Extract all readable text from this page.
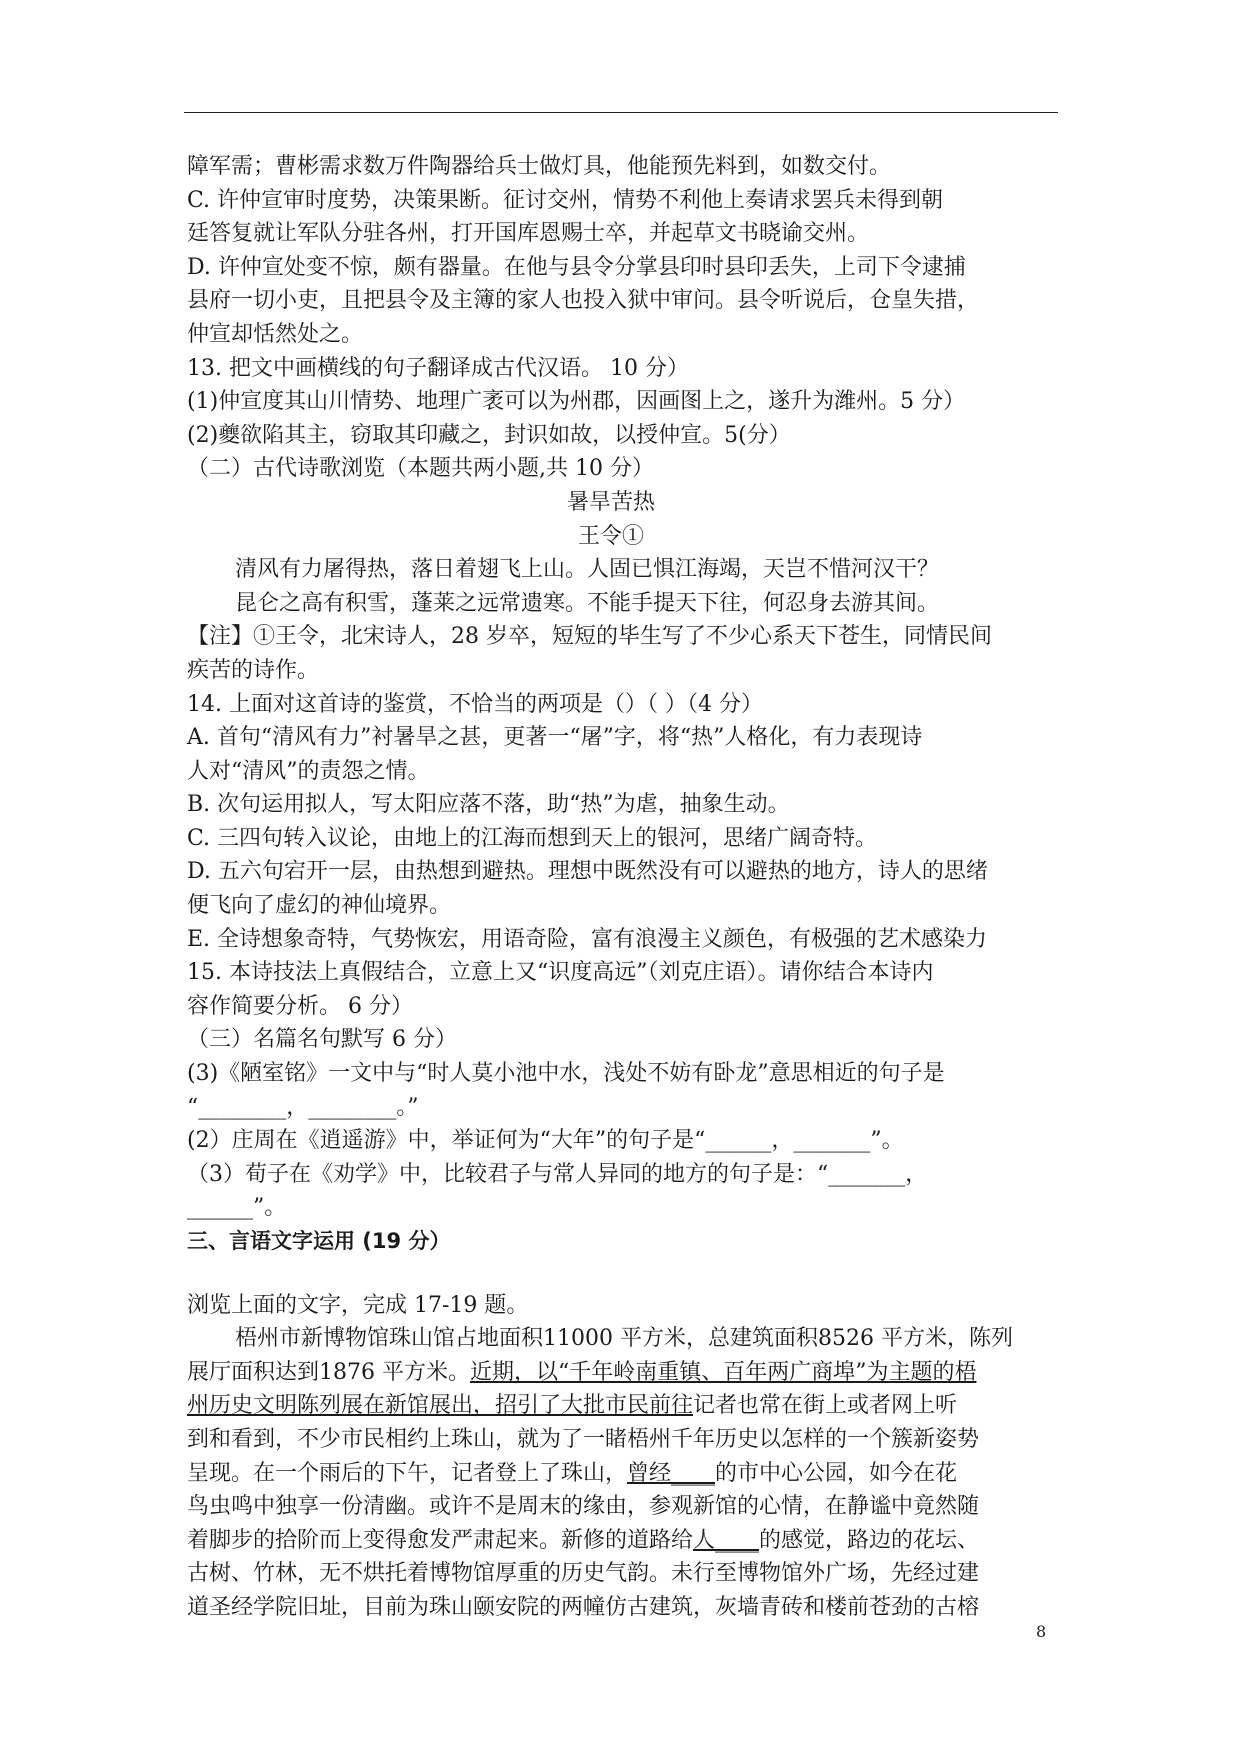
障军需；曹彬需求数万件陶器给兵士做灯具，他能预先料到，如数交付。

C. 许仲宣审时度势，决策果断。征讨交州，情势不利他上奏请求罢兵未得到朝

廷答复就让军队分驻各州，打开国库恩赐士卒，并起草文书晓谕交州。

D. 许仲宣处变不惊，颇有器量。在他与县令分掌县印时县印丢失，上司下令逮捕

县府一切小吏，且把县令及主簿的家人也投入狱中审问。县令听说后，仓皇失措，

仲宣却恬然处之。

13. 把文中画横线的句子翻译成古代汉语。 10 分）

(1)仲宣度其山川情势、地理广袤可以为州郡，因画图上之，遂升为潍州。5 分）

(2)夔欲陷其主，窃取其印藏之，封识如故，以授仲宣。5(分）

（二）古代诗歌浏览（本题共两小题,共 10 分）

暑旱苦热

王令①

清风有力屠得热，落日着翅飞上山。人固已惧江海竭，天岂不惜河汉干？

昆仑之高有积雪，蓬莱之远常遗寒。不能手提天下往，何忍身去游其间。

【注】①王令，北宋诗人，28 岁卒，短短的毕生写了不少心系天下苍生，同情民间

疾苦的诗作。

14. 上面对这首诗的鉴赏，不恰当的两项是（）（ ）（4 分）

A. 首句“清风有力”衬暑旱之甚，更著一“屠”字，将“热”人格化，有力表现诗

人对“清风”的责怨之情。

B. 次句运用拟人，写太阳应落不落，助“热”为虐，抽象生动。

C. 三四句转入议论，由地上的江海而想到天上的银河，思绪广阔奇特。

D. 五六句宕开一层，由热想到避热。理想中既然没有可以避热的地方，诗人的思绪

便飞向了虚幻的神仙境界。

E. 全诗想象奇特，气势恢宏，用语奇险，富有浪漫主义颜色，有极强的艺术感染力

15. 本诗技法上真假结合，立意上又“识度高远”（刘克庄语）。请你结合本诗内

容作简要分析。 6 分）

（三）名篇名句默写 6 分）

(3)《陋室铭》一文中与“时人莫小池中水，浅处不妨有卧龙”意思相近的句子是

“________，________。”

(2）庄周在《逍遥游》中，举证何为“大年”的句子是“______，_______”。

（3）荀子在《劝学》中，比较君子与常人异同的地方的句子是：“_______，

______”。

三、言语文字运用 (19 分）

浏览上面的文字，完成 17-19 题。

梧州市新博物馆珠山馆占地面积11000 平方米，总建筑面积8526 平方米，陈列

展厅面积达到1876 平方米。近期，以“千年岭南重镇、百年两广商埠”为主题的梧

州历史文明陈列展在新馆展出，招引了大批市民前往记者也常在街上或者网上听

到和看到，不少市民相约上珠山，就为了一睹梧州千年历史以怎样的一个簇新姿势

呈现。在一个雨后的下午，记者登上了珠山，曾经____的市中心公园，如今在花

鸟虫鸣中独享一份清幽。或许不是周末的缘由，参观新馆的心情，在静谧中竟然随

着脚步的拾阶而上变得愈发严肃起来。新修的道路给人____的感觉，路边的花坛、

古树、竹林，无不烘托着博物馆厚重的历史气韵。未行至博物馆外广场，先经过建

道圣经学院旧址，目前为珠山颐安院的两幢仿古建筑，灰墙青砖和楼前苍劲的古榕

8
